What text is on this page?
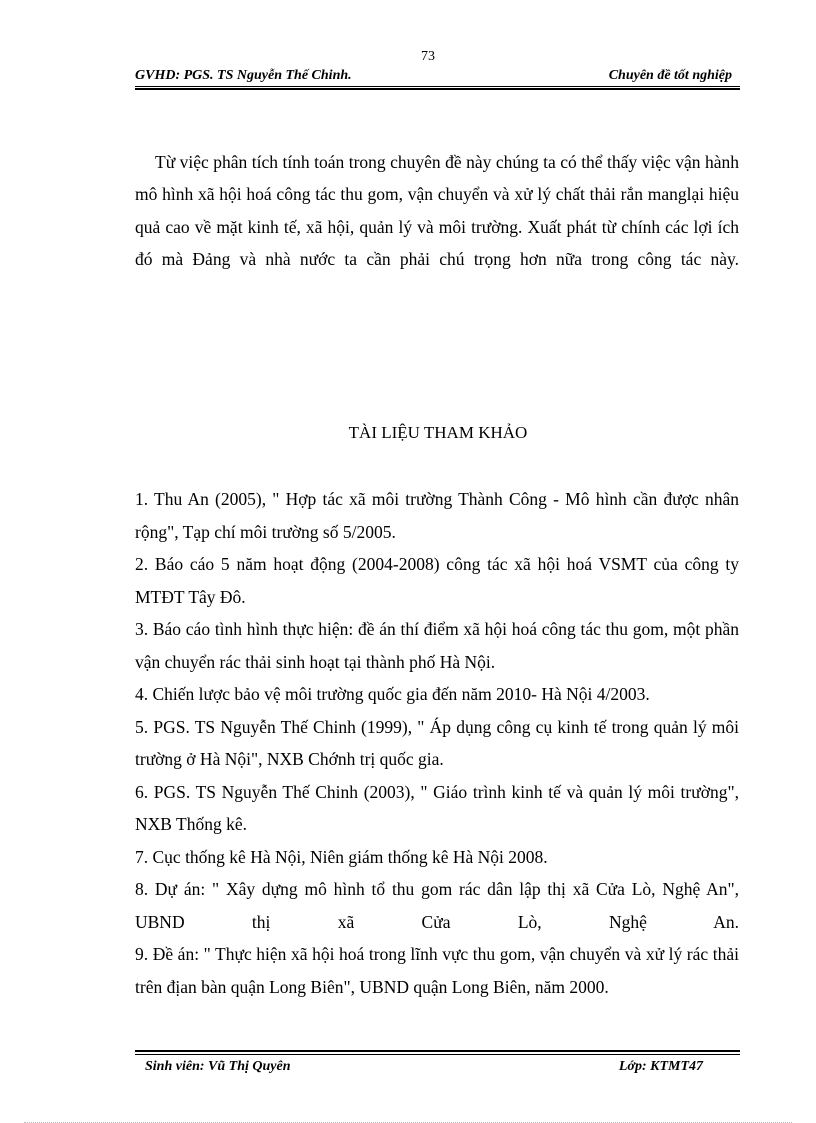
73
GVHD: PGS. TS Nguyễn Thế Chinh.	Chuyên đề tốt nghiệp

Từ việc phân tích tính toán trong chuyên đề này chúng ta có thể thấy việc vận hành mô hình xã hội hoá công tác thu gom, vận chuyển và xử lý chất thải rắn manglại hiệu quả cao về mặt kinh tế, xã hội, quản lý và môi trường. Xuất phát từ chính các lợi ích đó mà Đảng và nhà nước ta cần phải chú trọng hơn nữa trong công tác này.

TÀI LIỆU THAM KHẢO
1. Thu An (2005), " Hợp tác xã môi trường Thành Công - Mô hình cần được nhân rộng", Tạp chí môi trường số 5/2005.
2. Báo cáo 5 năm hoạt động (2004-2008) công tác xã hội hoá VSMT của công ty MTĐT Tây Đô.
3. Báo cáo tình hình thực hiện: đề án thí điểm xã hội hoá công tác thu gom, một phần vận chuyển rác thải sinh hoạt tại thành phố Hà Nội.
4. Chiến lược bảo vệ môi trường quốc gia đến năm 2010- Hà Nội 4/2003.
5. PGS. TS Nguyễn Thế Chinh (1999), " Áp dụng công cụ kinh tế trong quản lý môi trường ở Hà Nội", NXB Chớnh trị quốc gia.
6. PGS. TS Nguyễn Thế Chinh (2003), " Giáo trình kinh tế và quản lý môi trường", NXB Thống kê.
7. Cục thống kê Hà Nội, Niên giám thống kê Hà Nội 2008.
8. Dự án: " Xây dựng mô hình tổ thu gom rác dân lập thị xã Cửa Lò, Nghệ An", UBND thị xã Cửa Lò, Nghệ An.
9. Đề án: " Thực hiện xã hội hoá trong lĩnh vực thu gom, vận chuyển và xử lý rác thải trên địan bàn quận Long Biên", UBND quận Long Biên, năm 2000.
Sinh viên: Vũ Thị Quyên	Lớp: KTMT47
